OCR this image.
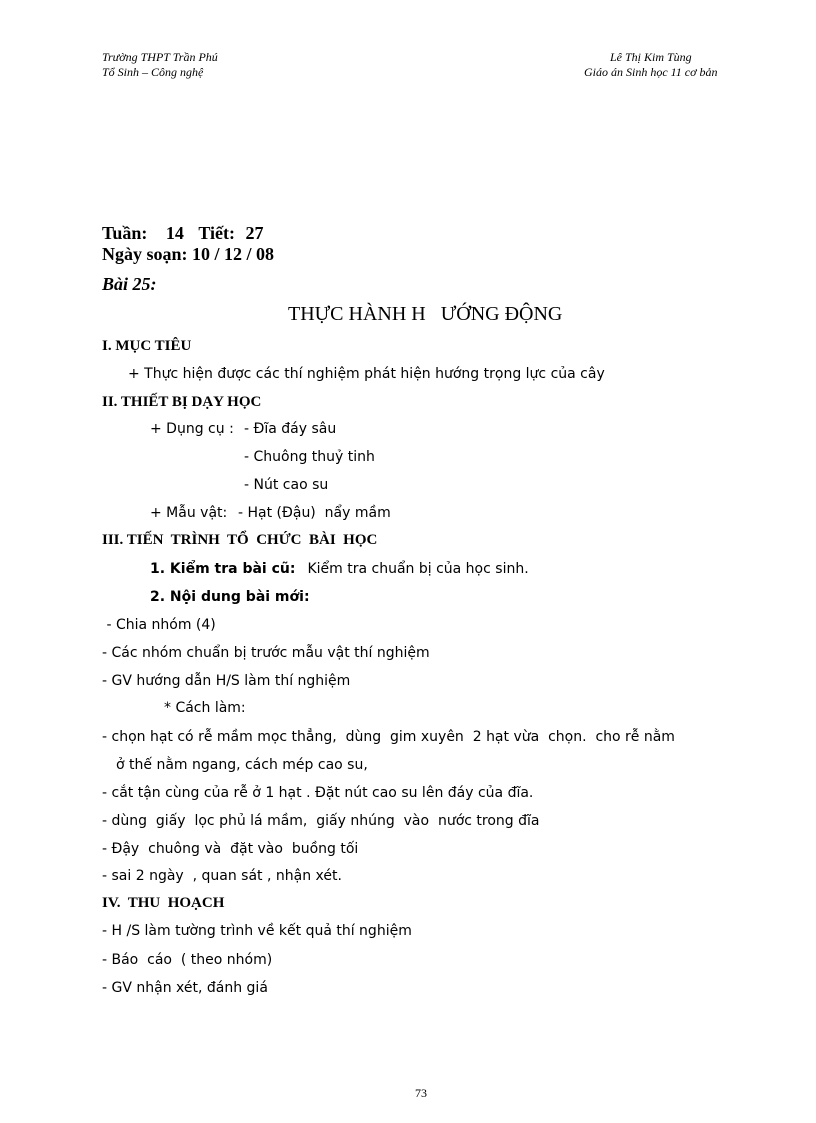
Trường THPT Trần Phú
Tổ Sinh – Công nghệ
Lê Thị Kim Tùng
Giáo án Sinh học 11 cơ bản
Tuần: 14 Tiết: 27
Ngày soạn: 10 / 12 / 08
Bài 25:
THỰC HÀNH H   ƯỚNG ĐỘNG
I. MỤC TIÊU
+ Thực hiện được các thí nghiệm phát hiện hướng trọng lực của cây
II. THIẾT BỊ DẠY HỌC
+ Dụng cụ : - Đĩa đáy sâu
- Chuông thuỷ tinh
- Nút cao su
+ Mẫu vật: - Hạt (Đậu)  nẩy mầm
III. TIẾN  TRÌNH  TỔ  CHỨC  BÀI  HỌC
1. Kiểm tra bài cũ: Kiểm tra chuẩn bị của học sinh.
2. Nội dung bài mới:
- Chia nhóm (4)
- Các nhóm chuẩn bị trước mẫu vật thí nghiệm
- GV hướng dẫn H/S làm thí nghiệm
* Cách làm:
- chọn hạt có rễ mầm mọc thẳng,  dùng  gim xuyên  2 hạt vừa  chọn.  cho rễ nằm
ở thế nằm ngang, cách mép cao su,
- cắt tận cùng của rễ ở 1 hạt . Đặt nút cao su lên đáy của đĩa.
- dùng  giấy  lọc phủ lá mầm,  giấy nhúng  vào  nước trong đĩa
- Đậy  chuông và  đặt vào  buồng tối
- sai 2 ngày  , quan sát , nhận xét.
IV.  THU  HOẠCH
- H /S làm tường trình về kết quả thí nghiệm
- Báo  cáo  ( theo nhóm)
- GV nhận xét, đánh giá
73
